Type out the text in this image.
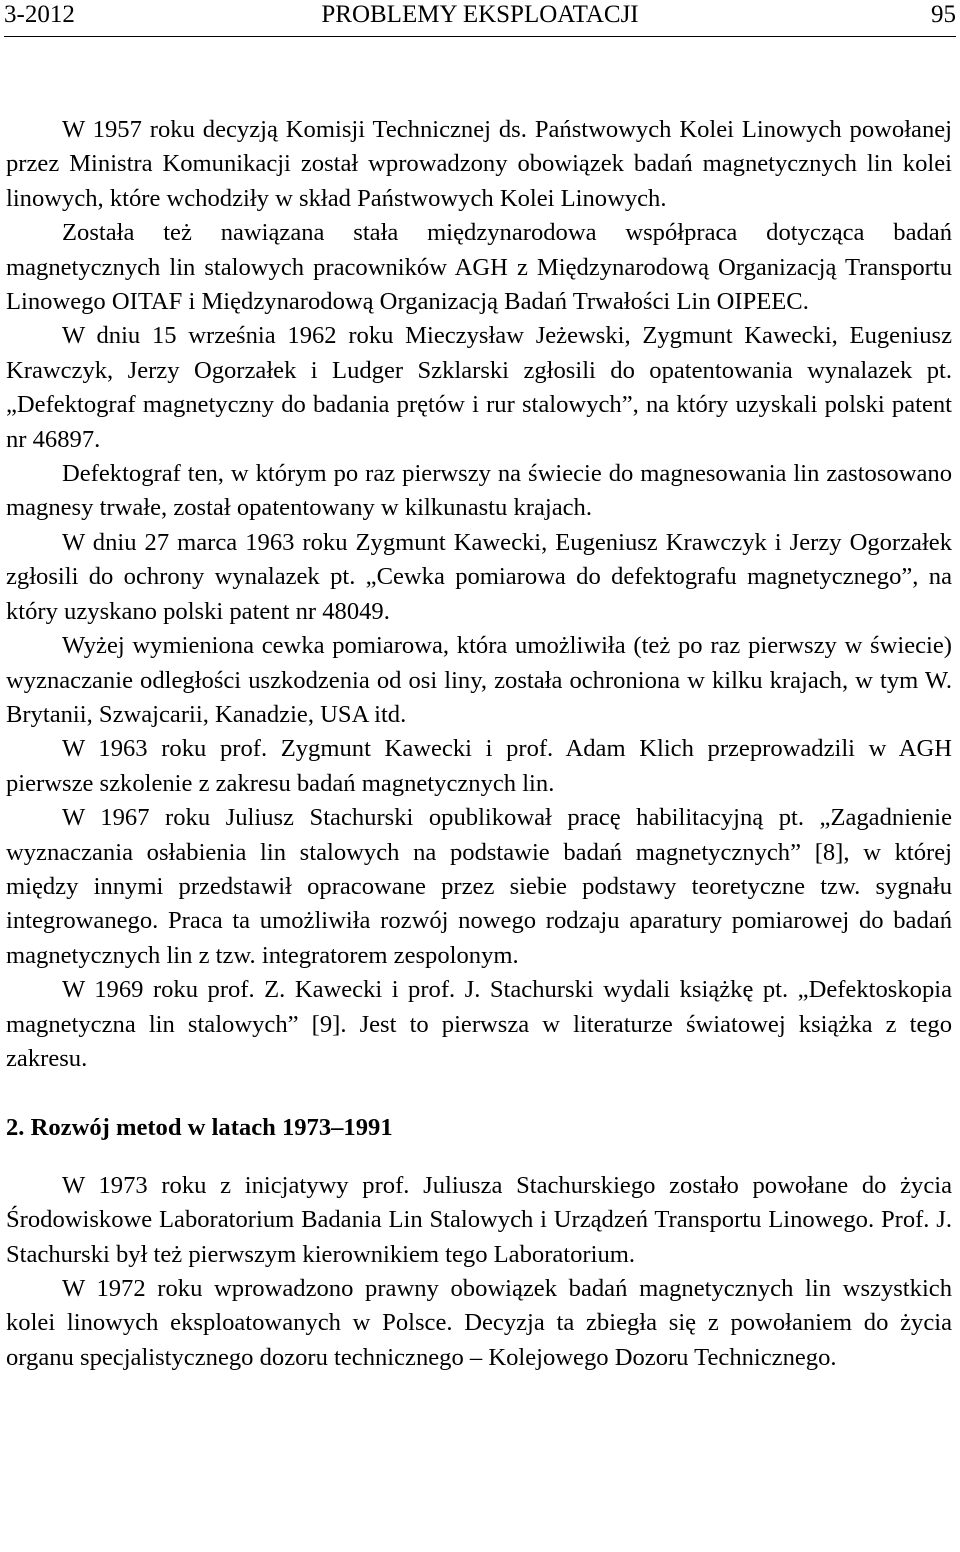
3-2012	PROBLEMY EKSPLOATACJI	95

W 1957 roku decyzją Komisji Technicznej ds. Państwowych Kolei Linowych powołanej przez Ministra Komunikacji został wprowadzony obowiązek badań magnetycznych lin kolei linowych, które wchodziły w skład Państwowych Kolei Linowych.

Została też nawiązana stała międzynarodowa współpraca dotycząca badań magnetycznych lin stalowych pracowników AGH z Międzynarodową Organizacją Transportu Linowego OITAF i Międzynarodową Organizacją Badań Trwałości Lin OIPEEC.

W dniu 15 września 1962 roku Mieczysław Jeżewski, Zygmunt Kawecki, Eugeniusz Krawczyk, Jerzy Ogorzałek i Ludger Szklarski zgłosili do opatentowania wynalazek pt. „Defektograf magnetyczny do badania prętów i rur stalowych”, na który uzyskali polski patent nr 46897.

Defektograf ten, w którym po raz pierwszy na świecie do magnesowania lin zastosowano magnesy trwałe, został opatentowany w kilkunastu krajach.

W dniu 27 marca 1963 roku Zygmunt Kawecki, Eugeniusz Krawczyk i Jerzy Ogorzałek zgłosili do ochrony wynalazek pt. „Cewka pomiarowa do defektografu magnetycznego”, na który uzyskano polski patent nr 48049.

Wyżej wymieniona cewka pomiarowa, która umożliwiła (też po raz pierwszy w świecie) wyznaczanie odległości uszkodzenia od osi liny, została ochroniona w kilku krajach, w tym W. Brytanii, Szwajcarii, Kanadzie, USA itd.

W 1963 roku prof. Zygmunt Kawecki i prof. Adam Klich przeprowadzili w AGH pierwsze szkolenie z zakresu badań magnetycznych lin.

W 1967 roku Juliusz Stachurski opublikował pracę habilitacyjną pt. „Zagadnienie wyznaczania osłabienia lin stalowych na podstawie badań magnetycznych” [8], w której między innymi przedstawił opracowane przez siebie podstawy teoretyczne tzw. sygnału integrowanego. Praca ta umożliwiła rozwój nowego rodzaju aparatury pomiarowej do badań magnetycznych lin z tzw. integratorem zespolonym.

W 1969 roku prof. Z. Kawecki i prof. J. Stachurski wydali książkę pt. „Defektoskopia magnetyczna lin stalowych” [9]. Jest to pierwsza w literaturze światowej książka z tego zakresu.

2. Rozwój metod w latach 1973–1991

W 1973 roku z inicjatywy prof. Juliusza Stachurskiego zostało powołane do życia Środowiskowe Laboratorium Badania Lin Stalowych i Urządzeń Transportu Linowego. Prof. J. Stachurski był też pierwszym kierownikiem tego Laboratorium.

W 1972 roku wprowadzono prawny obowiązek badań magnetycznych lin wszystkich kolei linowych eksploatowanych w Polsce. Decyzja ta zbiegła się z powołaniem do życia organu specjalistycznego dozoru technicznego – Kolejowego Dozoru Technicznego.
